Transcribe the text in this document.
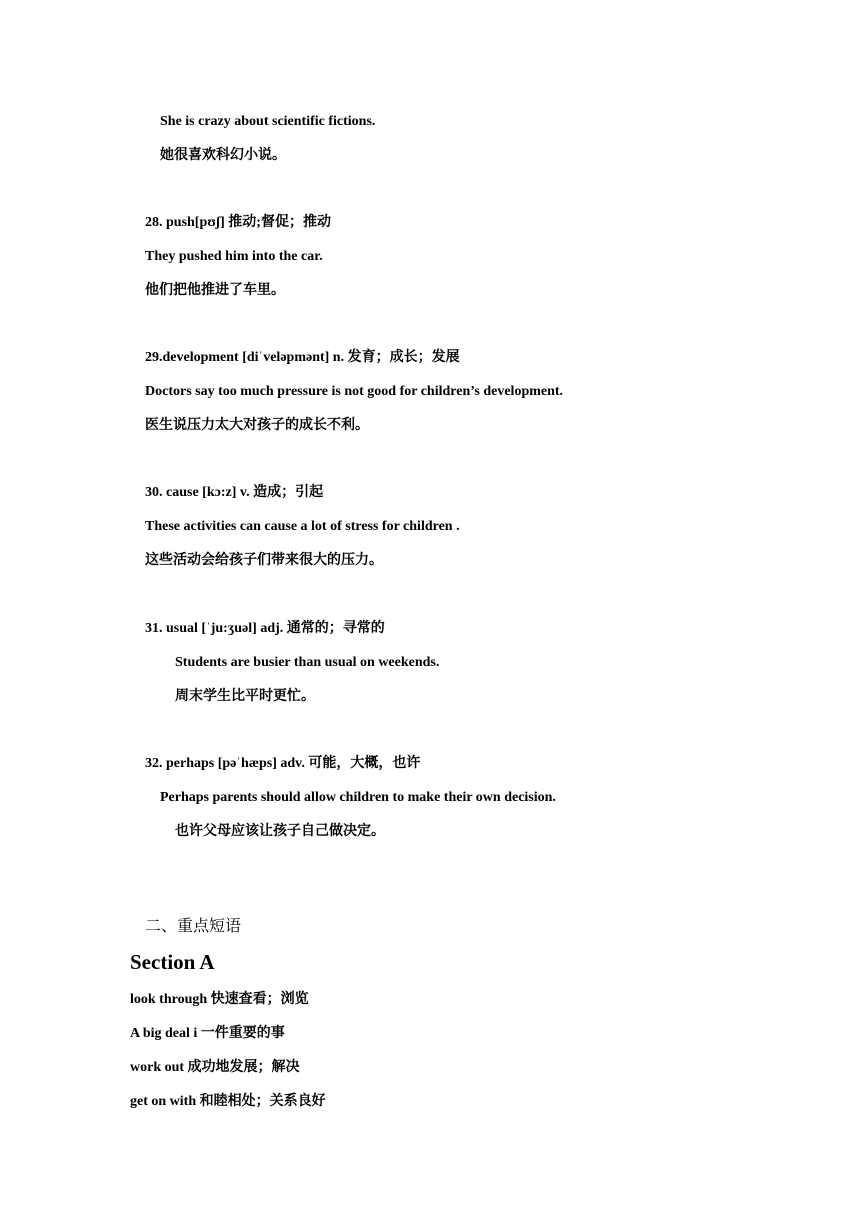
She is crazy about scientific fictions.
她很喜欢科幻小说。
28. push[pʊʃ] 推动;督促；推动
They pushed him into the car.
他们把他推进了车里。
29.development [diˈveləpmənt] n. 发育；成长；发展
Doctors say too much pressure is not good for children’s development.
医生说压力太大对孩子的成长不利。
30. cause [kɔ:z] v. 造成；引起
These activities can cause a lot of stress for children .
这些活动会给孩子们带来很大的压力。
31. usual [ˈju:ʒuəl] adj. 通常的；寻常的
Students are busier than usual on weekends.
周末学生比平时更忙。
32. perhaps [pəˈhæps] adv. 可能，大概，也许
Perhaps parents should allow children to make their own decision.
也许父母应该让孩子自己做决定。
二、重点短语
Section A
look through 快速查看；浏览
A big deal i 一件重要的事
work out 成功地发展；解决
get on with 和睦相处；关系良好
